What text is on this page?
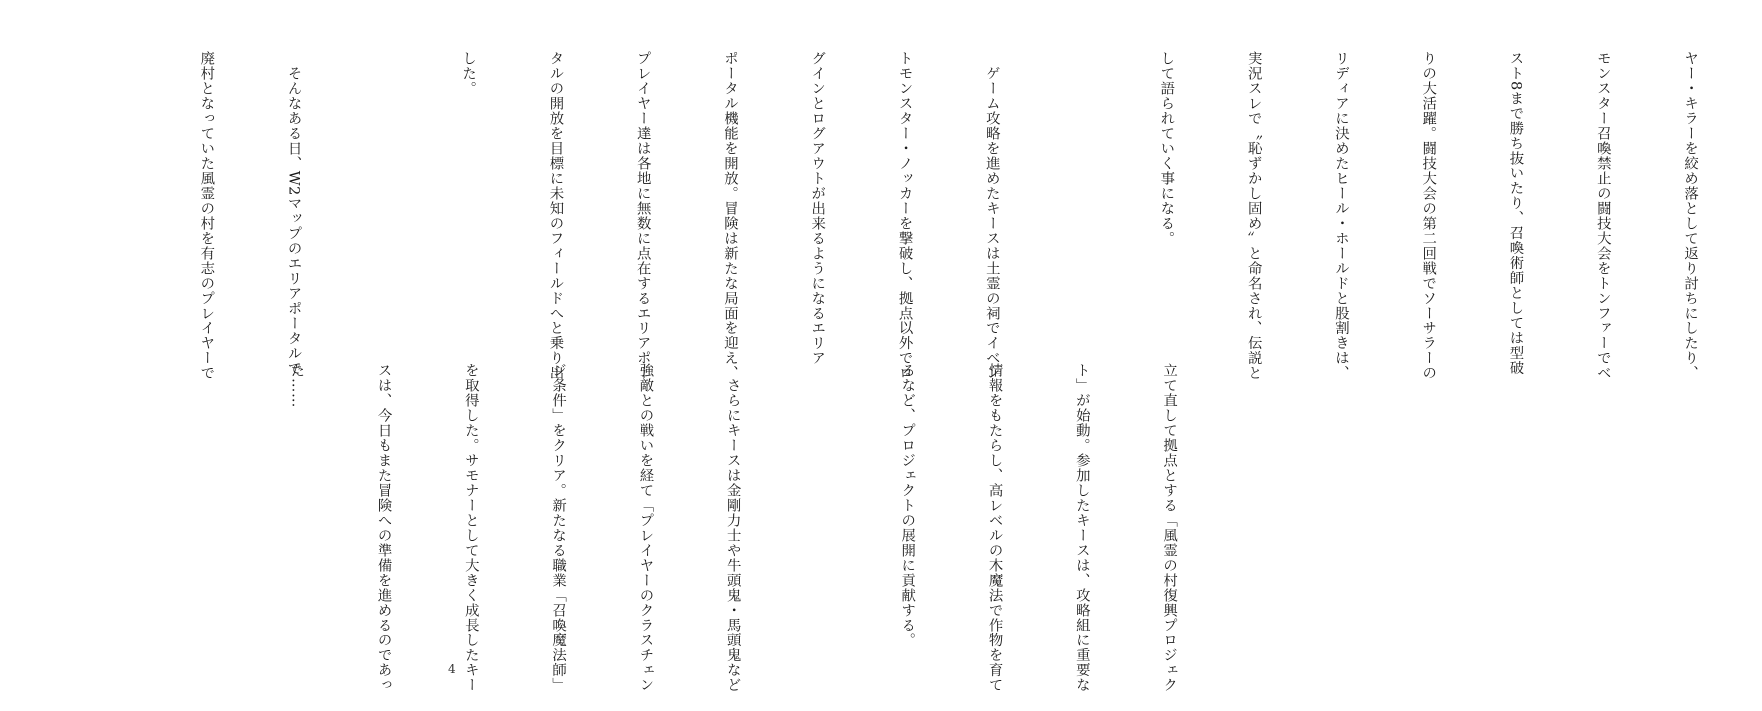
ヤー・キラーを絞め落として返り討ちにしたり、

モンスター召喚禁止の闘技大会をトンファーでベ

スト8まで勝ち抜いたり、召喚術師としては型破

りの大活躍。闘技大会の第二回戦でソーサラーの

リディアに決めたヒール・ホールドと股割きは、

実況スレで〝恥ずかし固め〟と命名され、伝説と

して語られていく事になる。

　ゲーム攻略を進めたキースは土霊の祠でイベン

トモンスター・ノッカーを撃破し、拠点以外でロ

グインとログアウトが出来るようになるエリア

ポータル機能を開放。冒険は新たな局面を迎え、

プレイヤー達は各地に無数に点在するエリアポー

タルの開放を目標に未知のフィールドへと乗り出

した。

　そんなある日、W2マップのエリアポータルで

廃村となっていた風霊の村を有志のプレイヤーで

立て直して拠点とする「風霊の村復興プロジェク

ト」が始動。参加したキースは、攻略組に重要な

情報をもたらし、高レベルの木魔法で作物を育て

るなど、プロジェクトの展開に貢献する。

　さらにキースは金剛力士や牛頭鬼・馬頭鬼など

強敵との戦いを経て「プレイヤーのクラスチェン

ジ条件」をクリア。新たなる職業「召喚魔法師」

を取得した。サモナーとして大きく成長したキー

スは、今日もまた冒険への準備を進めるのであっ

た……

4
